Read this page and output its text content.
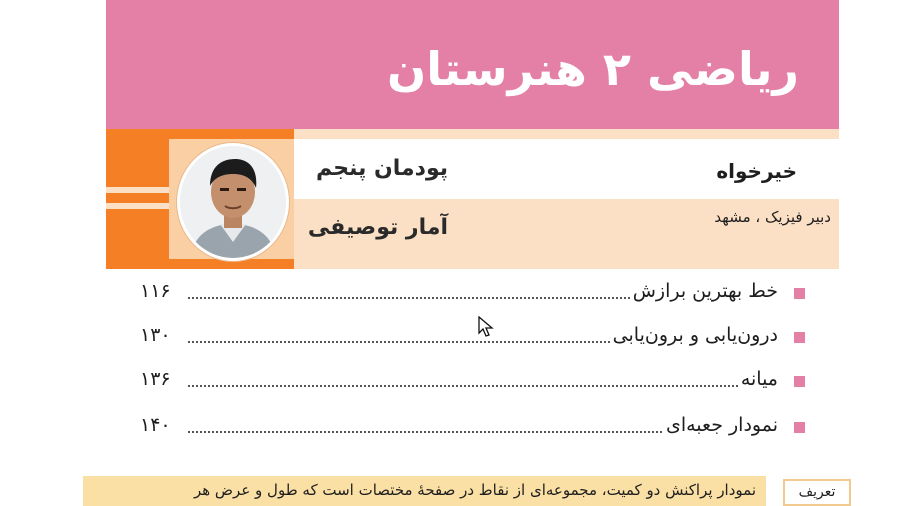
ریاضی ۲ هنرستان
پودمان پنجم
آمار توصیفی
خیرخواه
دبیر فیزیک ، مشهد
خط بهترین برازش
۱۱۶
درون‌یابی و برون‌یابی
۱۳۰
میانه
۱۳۶
نمودار جعبه‌ای
۱۴۰
نمودار پراکنش دو کمیت، مجموعه‌ای از نقاط در صفحهٔ مختصات است که طول و عرض هر	تعریف
